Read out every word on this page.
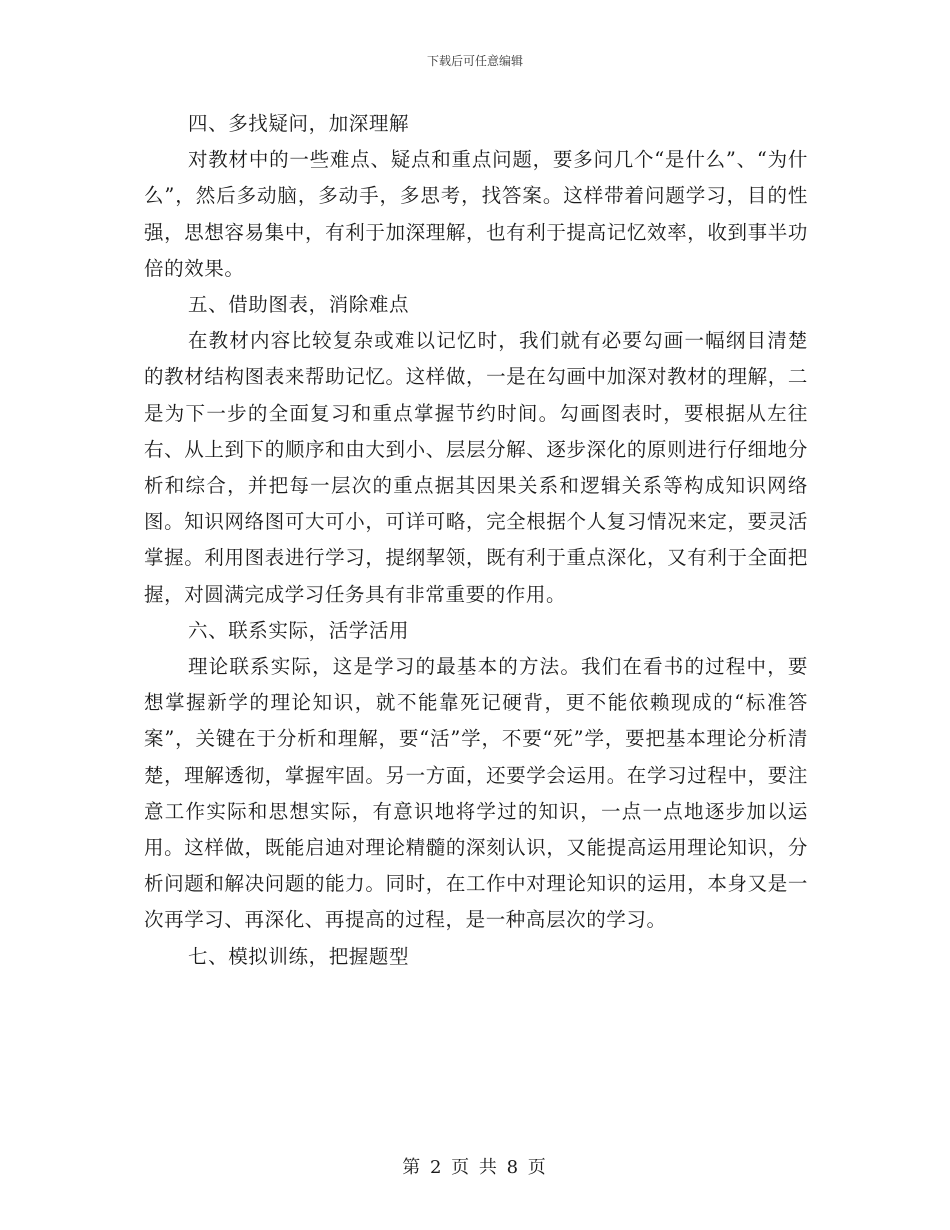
下载后可任意编辑

四、多找疑问，加深理解

对教材中的一些难点、疑点和重点问题，要多问几个“是什么”、“为什么”，然后多动脑，多动手，多思考，找答案。这样带着问题学习，目的性强，思想容易集中，有利于加深理解，也有利于提高记忆效率，收到事半功倍的效果。

五、借助图表，消除难点

在教材内容比较复杂或难以记忆时，我们就有必要勾画一幅纲目清楚的教材结构图表来帮助记忆。这样做，一是在勾画中加深对教材的理解，二是为下一步的全面复习和重点掌握节约时间。勾画图表时，要根据从左往右、从上到下的顺序和由大到小、层层分解、逐步深化的原则进行仔细地分析和综合，并把每一层次的重点据其因果关系和逻辑关系等构成知识网络图。知识网络图可大可小，可详可略，完全根据个人复习情况来定，要灵活掌握。利用图表进行学习，提纲挈领，既有利于重点深化，又有利于全面把握，对圆满完成学习任务具有非常重要的作用。

六、联系实际，活学活用

理论联系实际，这是学习的最基本的方法。我们在看书的过程中，要想掌握新学的理论知识，就不能靠死记硬背，更不能依赖现成的“标准答案”，关键在于分析和理解，要“活”学，不要“死”学，要把基本理论分析清楚，理解透彻，掌握牢固。另一方面，还要学会运用。在学习过程中，要注意工作实际和思想实际，有意识地将学过的知识，一点一点地逐步加以运用。这样做，既能启迪对理论精髓的深刻认识，又能提高运用理论知识，分析问题和解决问题的能力。同时，在工作中对理论知识的运用，本身又是一次再学习、再深化、再提高的过程，是一种高层次的学习。

七、模拟训练，把握题型

第 2 页 共 8 页
